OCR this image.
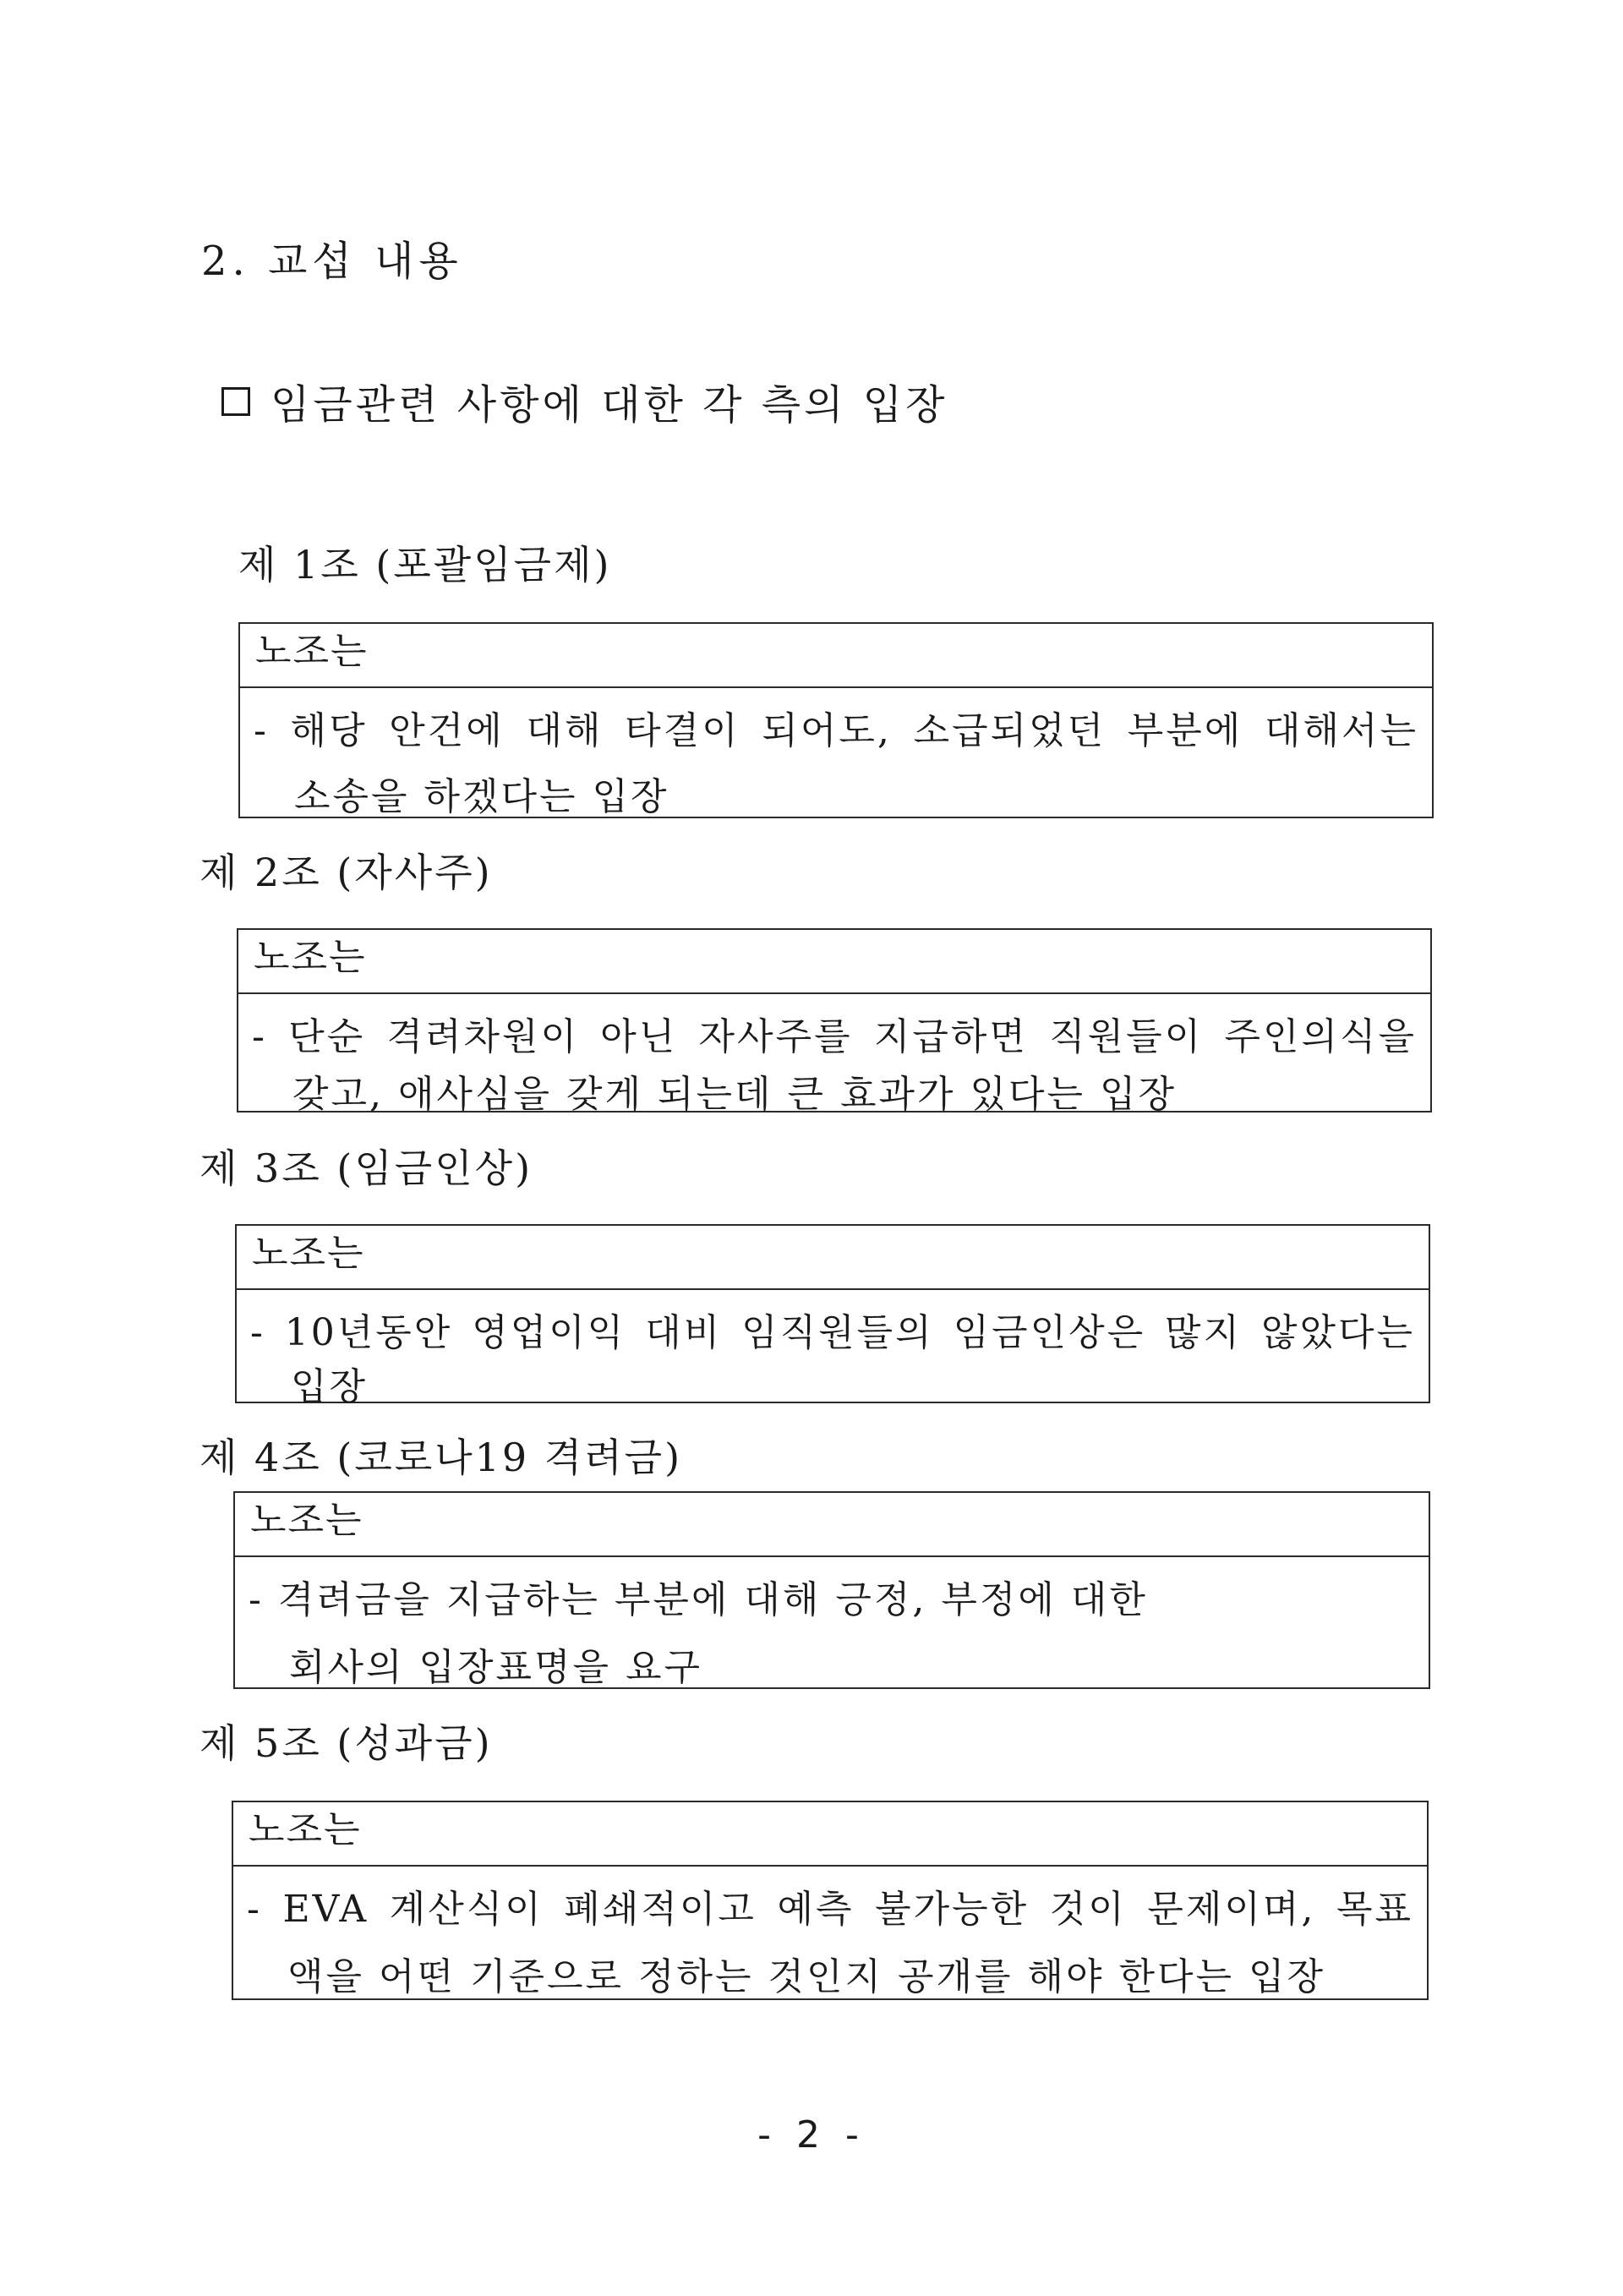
2. 교섭 내용
임금관련 사항에 대한 각 측의 입장
제 1조 (포괄임금제)
노조는
- 해당 안건에 대해 타결이 되어도, 소급되었던 부분에 대해서는
소송을 하겠다는 입장
제 2조 (자사주)
노조는
- 단순 격려차원이 아닌 자사주를 지급하면 직원들이 주인의식을
갖고, 애사심을 갖게 되는데 큰 효과가 있다는 입장
제 3조 (임금인상)
노조는
- 10년동안 영업이익 대비 임직원들의 임금인상은 많지 않았다는
입장
제 4조 (코로나19 격려금)
노조는
- 격려금을 지급하는 부분에 대해 긍정, 부정에 대한
회사의 입장표명을 요구
제 5조 (성과금)
노조는
- EVA 계산식이 폐쇄적이고 예측 불가능한 것이 문제이며, 목표
액을 어떤 기준으로 정하는 것인지 공개를 해야 한다는 입장
- 2 -
